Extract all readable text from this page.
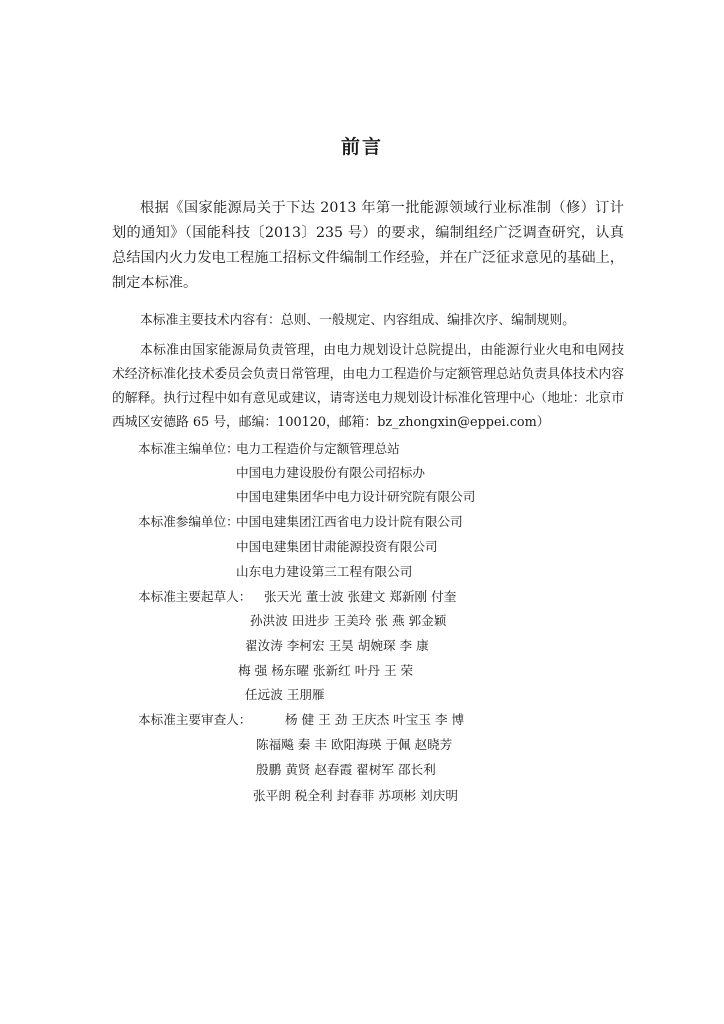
前言

根据《国家能源局关于下达 2013 年第一批能源领域行业标准制（修）订计划的通知》（国能科技〔2013〕235 号）的要求，编制组经广泛调查研究，认真总结国内火力发电工程施工招标文件编制工作经验，并在广泛征求意见的基础上，制定本标准。

本标准主要技术内容有：总则、一般规定、内容组成、编排次序、编制规则。

本标准由国家能源局负责管理，由电力规划设计总院提出，由能源行业火电和电网技术经济标准化技术委员会负责日常管理，由电力工程造价与定额管理总站负责具体技术内容的解释。执行过程中如有意见或建议，请寄送电力规划设计标准化管理中心（地址：北京市西城区安德路 65 号，邮编：100120，邮箱：bz_zhongxin@eppei.com）

本标准主编单位：
电力工程造价与定额管理总站
中国电力建设股份有限公司招标办
中国电建集团华中电力设计研究院有限公司
本标准参编单位：
中国电建集团江西省电力设计院有限公司
中国电建集团甘肃能源投资有限公司
山东电力建设第三工程有限公司
本标准主要起草人： 张天光 董士波 张建文 郑新刚 付奎
孙洪波 田进步 王美玲 张 燕 郭金颖
翟汝涛 李柯宏 王昊 胡婉琛 李 康
梅 强 杨东曜 张新红 叶丹 王 荣
任远波 王朋雁
本标准主要审查人：	杨 健 王 劲 王庆杰 叶宝玉 李 博
陈福飚 秦 丰 欧阳海瑛 于佩 赵晓芳
殷鹏 黄贤 赵春霞 翟树军 邵长利
张平朗 税全利 封春菲 苏项彬 刘庆明
